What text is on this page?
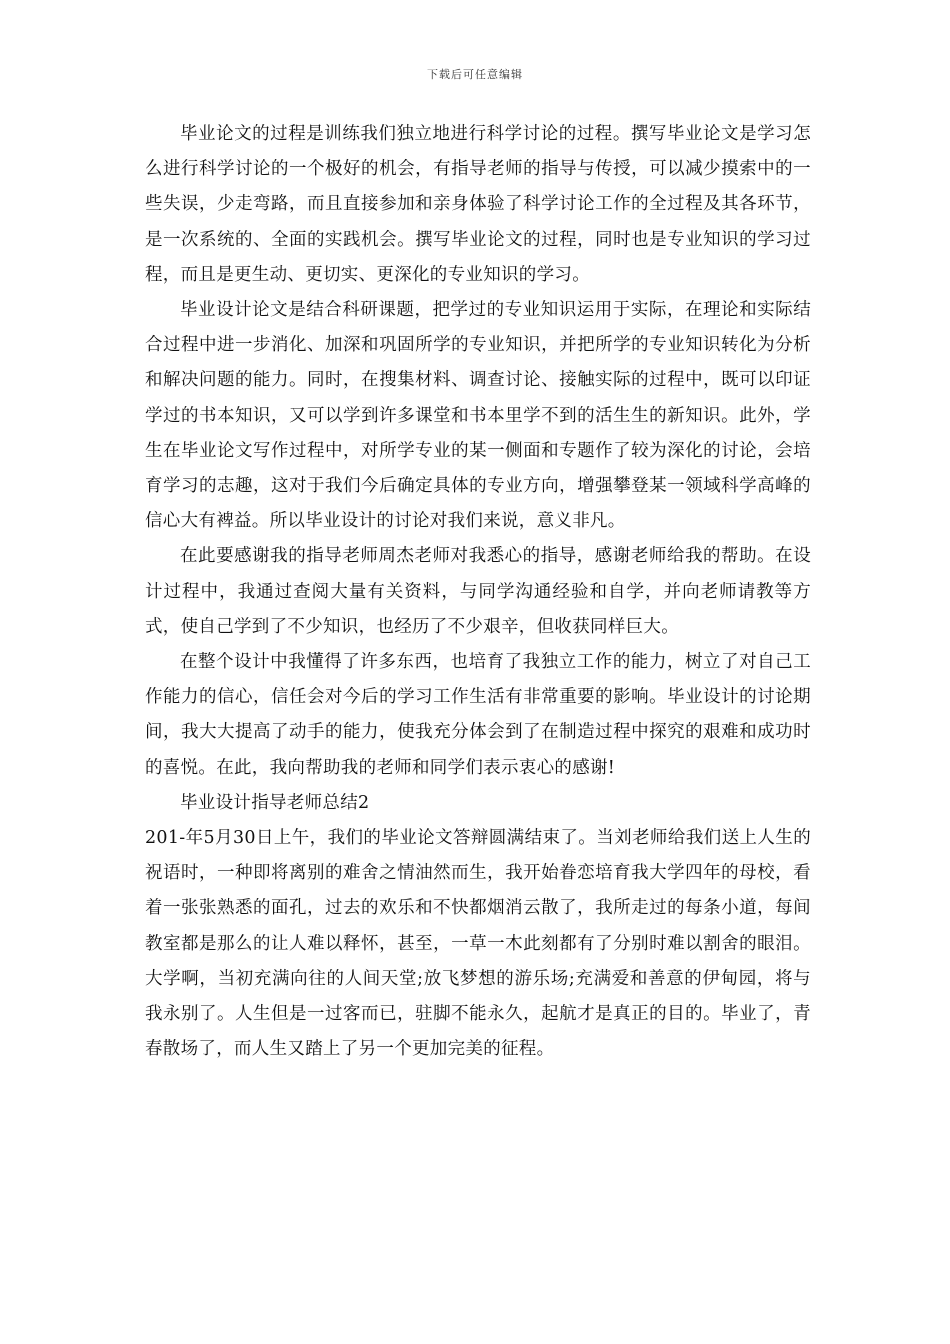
下载后可任意编辑

毕业论文的过程是训练我们独立地进行科学讨论的过程。撰写毕业论文是学习怎么进行科学讨论的一个极好的机会，有指导老师的指导与传授，可以减少摸索中的一些失误，少走弯路，而且直接参加和亲身体验了科学讨论工作的全过程及其各环节，是一次系统的、全面的实践机会。撰写毕业论文的过程，同时也是专业知识的学习过程，而且是更生动、更切实、更深化的专业知识的学习。

毕业设计论文是结合科研课题，把学过的专业知识运用于实际，在理论和实际结合过程中进一步消化、加深和巩固所学的专业知识，并把所学的专业知识转化为分析和解决问题的能力。同时，在搜集材料、调查讨论、接触实际的过程中，既可以印证学过的书本知识，又可以学到许多课堂和书本里学不到的活生生的新知识。此外，学生在毕业论文写作过程中，对所学专业的某一侧面和专题作了较为深化的讨论，会培育学习的志趣，这对于我们今后确定具体的专业方向，增强攀登某一领域科学高峰的信心大有裨益。所以毕业设计的讨论对我们来说，意义非凡。

在此要感谢我的指导老师周杰老师对我悉心的指导，感谢老师给我的帮助。在设计过程中，我通过查阅大量有关资料，与同学沟通经验和自学，并向老师请教等方式，使自己学到了不少知识，也经历了不少艰辛，但收获同样巨大。

在整个设计中我懂得了许多东西，也培育了我独立工作的能力，树立了对自己工作能力的信心，信任会对今后的学习工作生活有非常重要的影响。毕业设计的讨论期间，我大大提高了动手的能力，使我充分体会到了在制造过程中探究的艰难和成功时的喜悦。在此，我向帮助我的老师和同学们表示衷心的感谢!

毕业设计指导老师总结2

201-年5月30日上午，我们的毕业论文答辩圆满结束了。当刘老师给我们送上人生的祝语时，一种即将离别的难舍之情油然而生，我开始眷恋培育我大学四年的母校，看着一张张熟悉的面孔，过去的欢乐和不快都烟消云散了，我所走过的每条小道，每间教室都是那么的让人难以释怀，甚至，一草一木此刻都有了分别时难以割舍的眼泪。大学啊，当初充满向往的人间天堂;放飞梦想的游乐场;充满爱和善意的伊甸园，将与我永别了。人生但是一过客而已，驻脚不能永久，起航才是真正的目的。毕业了，青春散场了，而人生又踏上了另一个更加完美的征程。
